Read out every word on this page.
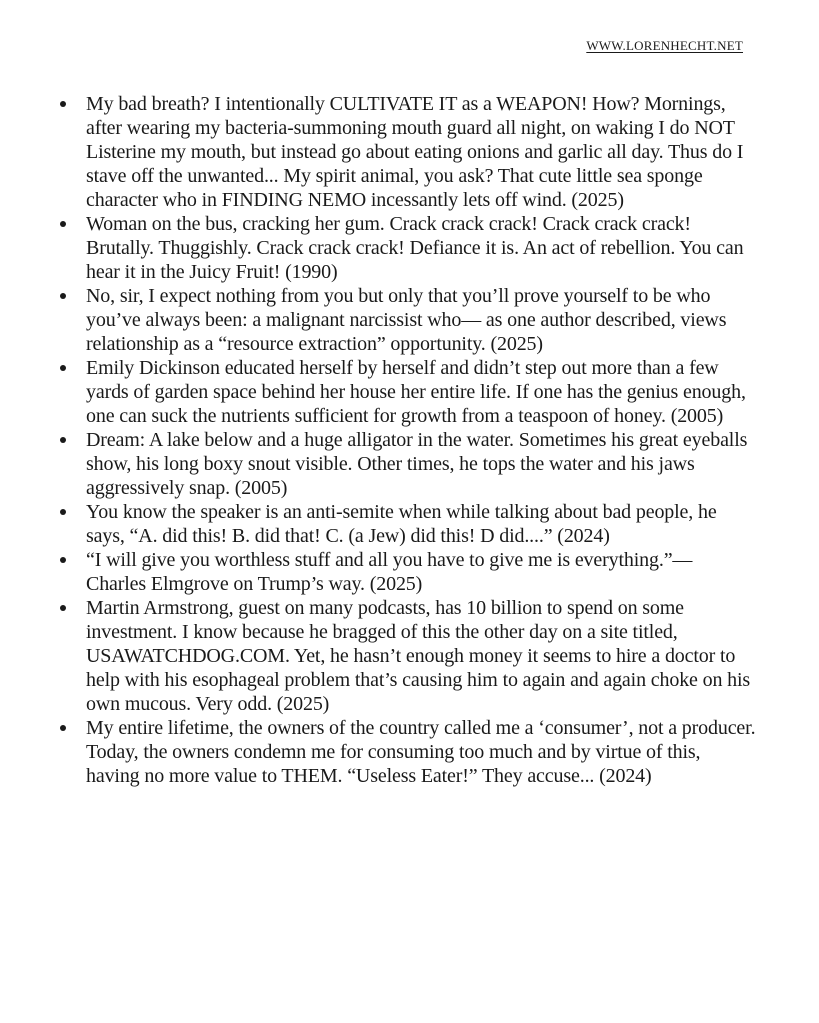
WWW.LORENHECHT.NET
My bad breath? I intentionally CULTIVATE IT as a WEAPON! How? Mornings, after wearing my bacteria-summoning mouth guard all night, on waking I do NOT Listerine my mouth, but instead go about eating onions and garlic all day. Thus do I stave off the unwanted... My spirit animal, you ask? That cute little sea sponge character who in FINDING NEMO incessantly lets off wind. (2025)
Woman on the bus, cracking her gum. Crack crack crack! Crack crack crack! Brutally. Thuggishly. Crack crack crack! Defiance it is. An act of rebellion. You can hear it in the Juicy Fruit! (1990)
No, sir, I expect nothing from you but only that you’ll prove yourself to be who you’ve always been: a malignant narcissist who— as one author described, views relationship as a “resource extraction” opportunity. (2025)
Emily Dickinson educated herself by herself and didn’t step out more than a few yards of garden space behind her house her entire life. If one has the genius enough, one can suck the nutrients sufficient for growth from a teaspoon of honey. (2005)
Dream: A lake below and a huge alligator in the water. Sometimes his great eyeballs show, his long boxy snout visible. Other times, he tops the water and his jaws aggressively snap. (2005)
You know the speaker is an anti-semite when while talking about bad people, he says, “A. did this! B. did that! C. (a Jew) did this! D did....” (2024)
“I will give you worthless stuff and all you have to give me is everything.”— Charles Elmgrove on Trump’s way. (2025)
Martin Armstrong, guest on many podcasts, has 10 billion to spend on some investment. I know because he bragged of this the other day on a site titled, USAWATCHDOG.COM. Yet, he hasn’t enough money it seems to hire a doctor to help with his esophageal problem that’s causing him to again and again choke on his own mucous. Very odd. (2025)
My entire lifetime, the owners of the country called me a ‘consumer’, not a producer. Today, the owners condemn me for consuming too much and by virtue of this, having no more value to THEM. “Useless Eater!” They accuse... (2024)
